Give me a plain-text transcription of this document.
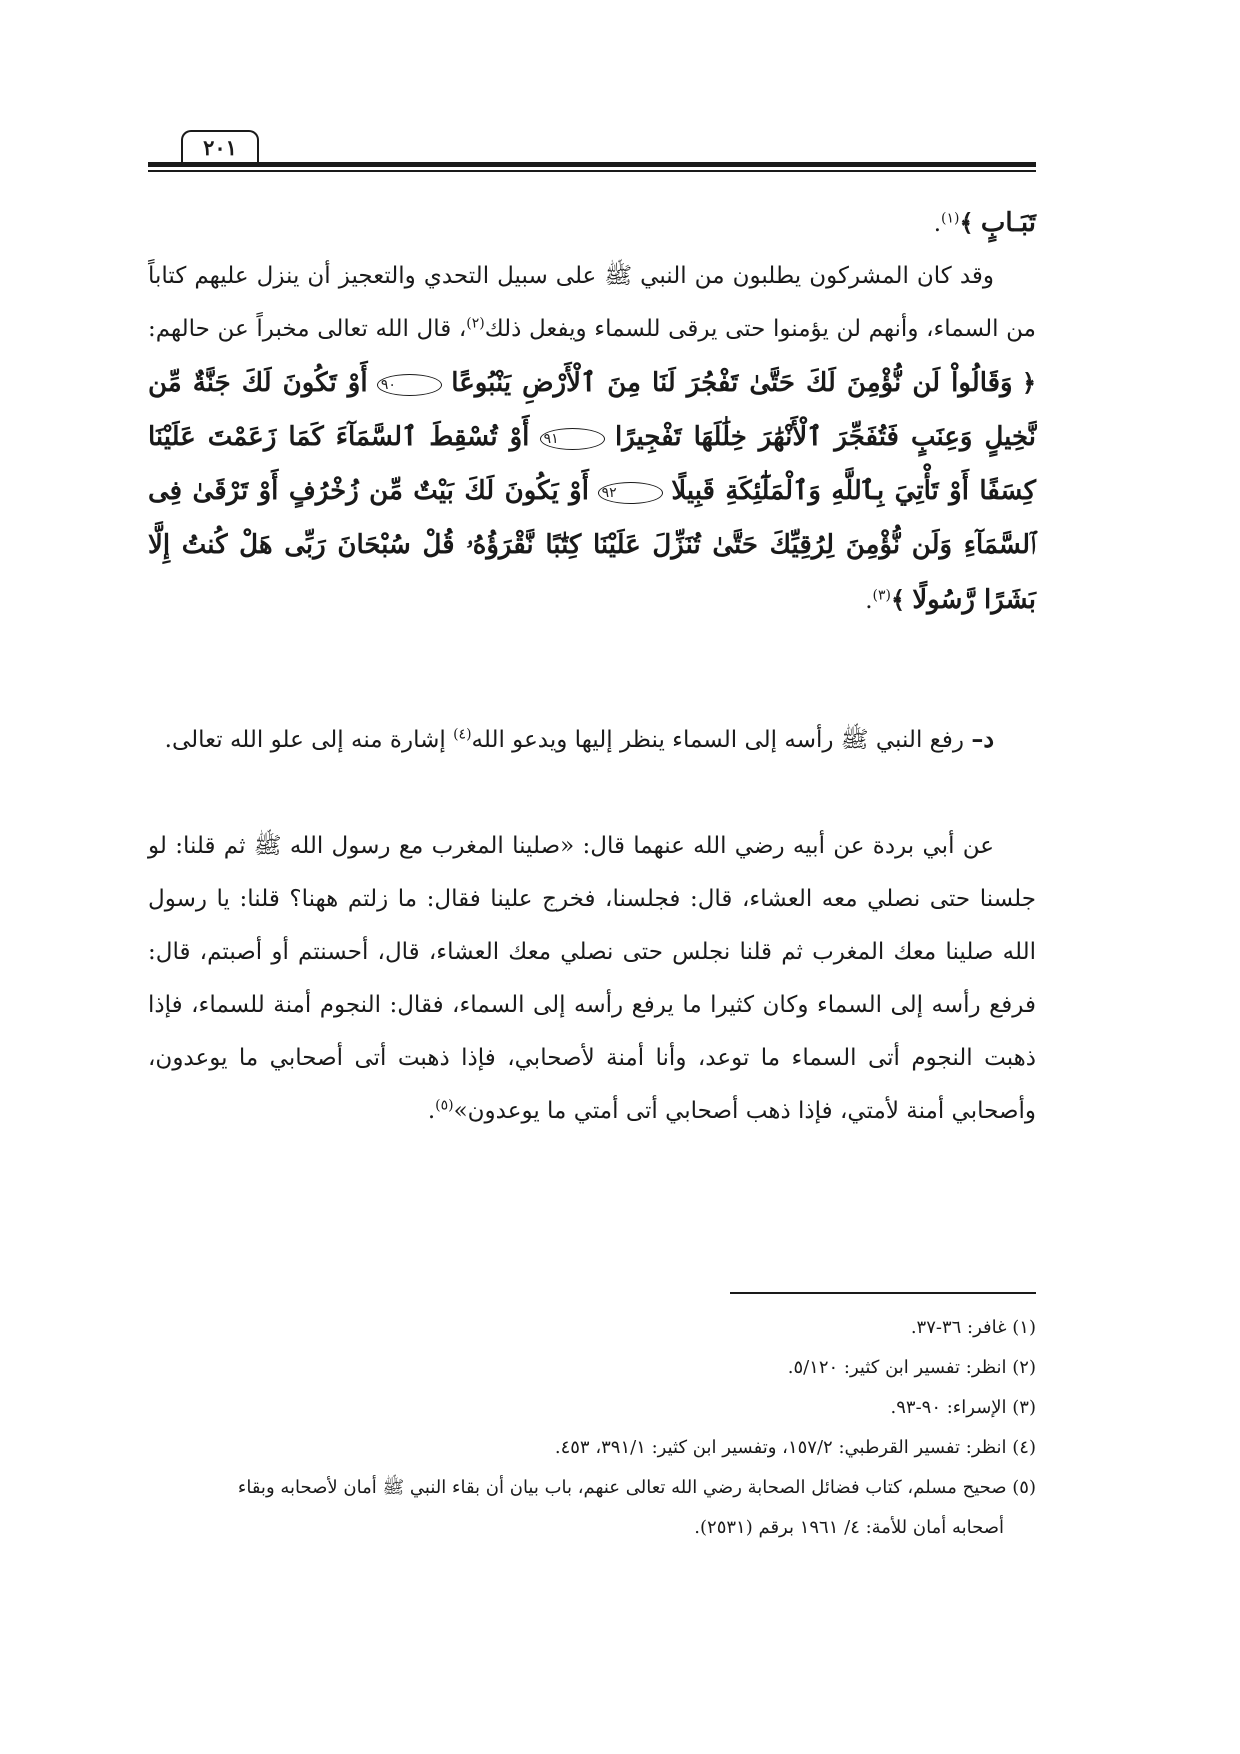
٢٠١

تَبَـابٍ ﴾$^{(١)}$.

وقد كان المشركون يطلبون من النبي ﷺ على سبيل التحدي والتعجيز أن ينزل عليهم كتاباً من السماء، وأنهم لن يؤمنوا حتى يرقى للسماء ويفعل ذلك$^{(٢)}$، قال الله تعالى مخبراً عن حالهم: ﴿ وَقَالُواْ لَن نُّؤْمِنَ لَكَ حَتَّىٰ تَفْجُرَ لَنَا مِنَ ٱلْأَرْضِ يَنْبُوعًا ٩٠ أَوْ تَكُونَ لَكَ جَنَّةٌ مِّن نَّخِيلٍ وَعِنَبٍ فَتُفَجِّرَ ٱلْأَنْهَٰرَ خِلَٰلَهَا تَفْجِيرًا ٩١ أَوْ تُسْقِطَ ٱلسَّمَآءَ كَمَا زَعَمْتَ عَلَيْنَا كِسَفًا أَوْ تَأْتِيَ بِٱللَّهِ وَٱلْمَلَٰٓئِكَةِ قَبِيلًا ٩٢ أَوْ يَكُونَ لَكَ بَيْتٌ مِّن زُخْرُفٍ أَوْ تَرْقَىٰ فِى ٱلسَّمَآءِ وَلَن نُّؤْمِنَ لِرُقِيِّكَ حَتَّىٰ تُنَزِّلَ عَلَيْنَا كِتَٰبًا نَّقْرَؤُهُۥ قُلْ سُبْحَانَ رَبِّى هَلْ كُنتُ إِلَّا بَشَرًا رَّسُولًا ﴾$^{(٣)}$.

د– رفع النبي ﷺ رأسه إلى السماء ينظر إليها ويدعو الله$^{(٤)}$ إشارة منه إلى علو الله تعالى.

عن أبي بردة عن أبيه رضي الله عنهما قال: «صلينا المغرب مع رسول الله ﷺ ثم قلنا: لو جلسنا حتى نصلي معه العشاء، قال: فجلسنا، فخرج علينا فقال: ما زلتم ههنا؟ قلنا: يا رسول الله صلينا معك المغرب ثم قلنا نجلس حتى نصلي معك العشاء، قال، أحسنتم أو أصبتم، قال: فرفع رأسه إلى السماء وكان كثيرا ما يرفع رأسه إلى السماء، فقال: النجوم أمنة للسماء، فإذا ذهبت النجوم أتى السماء ما توعد، وأنا أمنة لأصحابي، فإذا ذهبت أتى أصحابي ما يوعدون، وأصحابي أمنة لأمتي، فإذا ذهب أصحابي أتى أمتي ما يوعدون»$^{(٥)}$.

(١) غافر: ٣٦-٣٧.

(٢) انظر: تفسير ابن كثير: ٥/١٢٠.

(٣) الإسراء: ٩٠-٩٣.

(٤) انظر: تفسير القرطبي: ١٥٧/٢، وتفسير ابن كثير: ٣٩١/١، ٤٥٣.

(٥) صحيح مسلم، كتاب فضائل الصحابة رضي الله تعالى عنهم، باب بيان أن بقاء النبي ﷺ أمان لأصحابه وبقاء

أصحابه أمان للأمة: ٤/ ١٩٦١ برقم (٢٥٣١).
